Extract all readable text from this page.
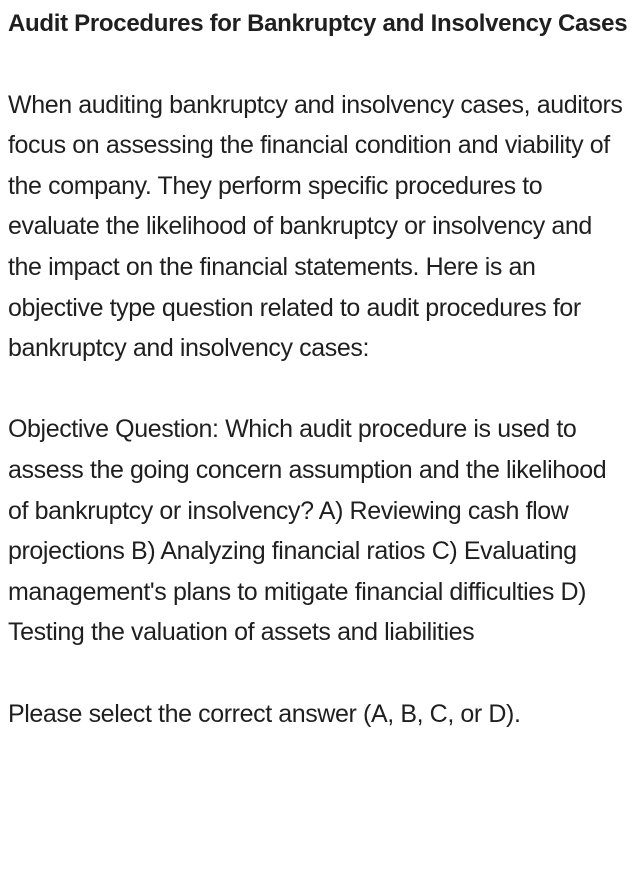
Audit Procedures for Bankruptcy and Insolvency Cases

When auditing bankruptcy and insolvency cases, auditors focus on assessing the financial condition and viability of the company. They perform specific procedures to evaluate the likelihood of bankruptcy or insolvency and the impact on the financial statements. Here is an objective type question related to audit procedures for bankruptcy and insolvency cases:

Objective Question: Which audit procedure is used to assess the going concern assumption and the likelihood of bankruptcy or insolvency? A) Reviewing cash flow projections B) Analyzing financial ratios C) Evaluating management's plans to mitigate financial difficulties D) Testing the valuation of assets and liabilities

Please select the correct answer (A, B, C, or D).
